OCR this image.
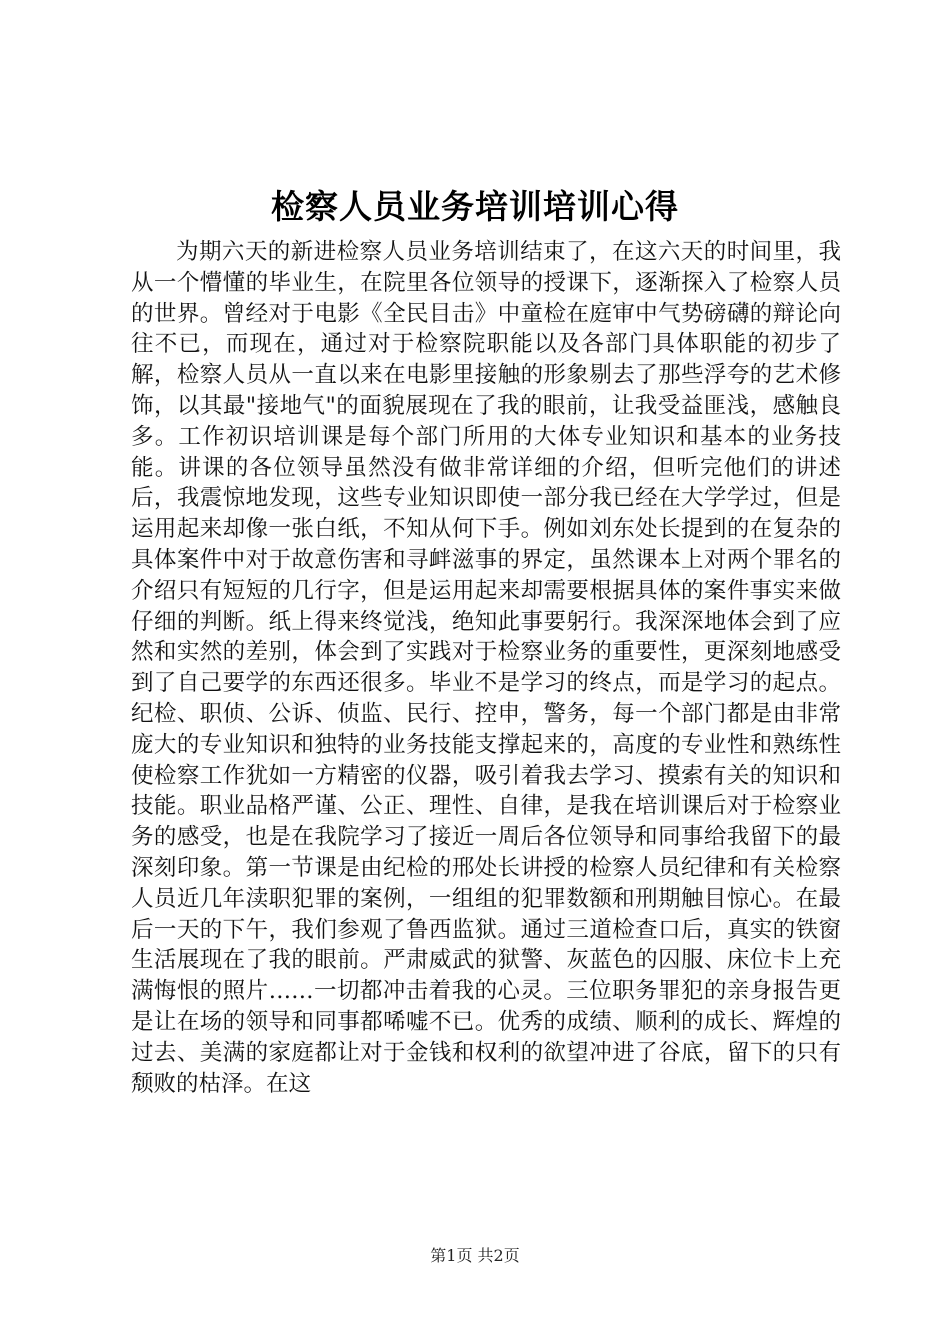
检察人员业务培训培训心得

为期六天的新进检察人员业务培训结束了，在这六天的时间里，我从一个懵懂的毕业生，在院里各位领导的授课下，逐渐探入了检察人员的世界。曾经对于电影《全民目击》中童检在庭审中气势磅礴的辩论向往不已，而现在，通过对于检察院职能以及各部门具体职能的初步了解，检察人员从一直以来在电影里接触的形象剔去了那些浮夸的艺术修饰，以其最"接地气"的面貌展现在了我的眼前，让我受益匪浅，感触良多。工作初识培训课是每个部门所用的大体专业知识和基本的业务技能。讲课的各位领导虽然没有做非常详细的介绍，但听完他们的讲述后，我震惊地发现，这些专业知识即使一部分我已经在大学学过，但是运用起来却像一张白纸，不知从何下手。例如刘东处长提到的在复杂的具体案件中对于故意伤害和寻衅滋事的界定，虽然课本上对两个罪名的介绍只有短短的几行字，但是运用起来却需要根据具体的案件事实来做仔细的判断。纸上得来终觉浅，绝知此事要躬行。我深深地体会到了应然和实然的差别，体会到了实践对于检察业务的重要性，更深刻地感受到了自己要学的东西还很多。毕业不是学习的终点，而是学习的起点。纪检、职侦、公诉、侦监、民行、控申，警务，每一个部门都是由非常庞大的专业知识和独特的业务技能支撑起来的，高度的专业性和熟练性使检察工作犹如一方精密的仪器，吸引着我去学习、摸索有关的知识和技能。职业品格严谨、公正、理性、自律，是我在培训课后对于检察业务的感受，也是在我院学习了接近一周后各位领导和同事给我留下的最深刻印象。第一节课是由纪检的邢处长讲授的检察人员纪律和有关检察人员近几年渎职犯罪的案例，一组组的犯罪数额和刑期触目惊心。在最后一天的下午，我们参观了鲁西监狱。通过三道检查口后，真实的铁窗生活展现在了我的眼前。严肃威武的狱警、灰蓝色的囚服、床位卡上充满悔恨的照片……一切都冲击着我的心灵。三位职务罪犯的亲身报告更是让在场的领导和同事都唏嘘不已。优秀的成绩、顺利的成长、辉煌的过去、美满的家庭都让对于金钱和权利的欲望冲进了谷底，留下的只有颓败的枯泽。在这

第1页 共2页
